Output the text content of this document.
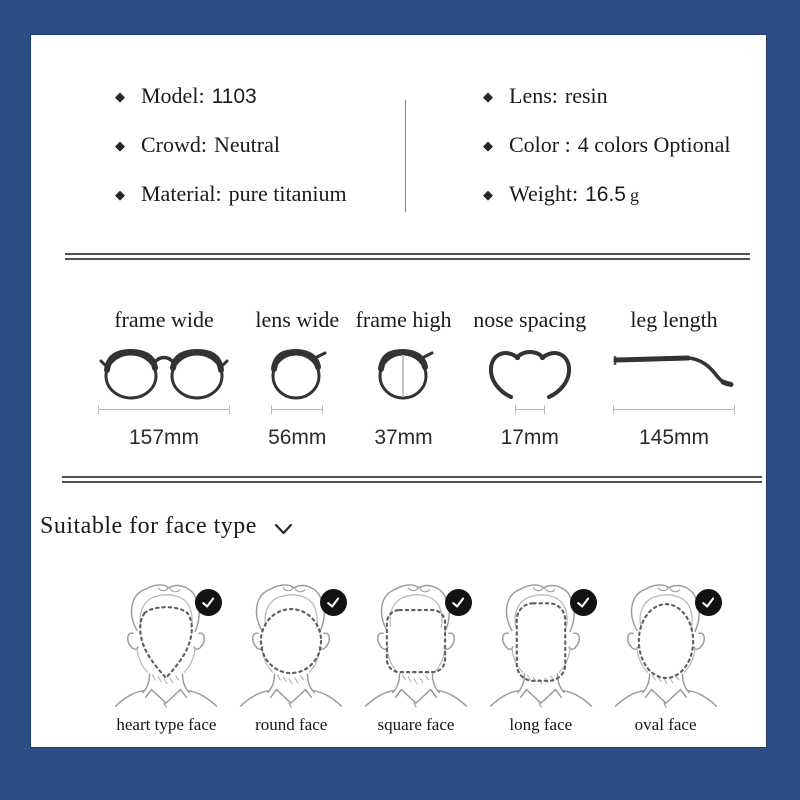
◆ Model: 1103
◆ Crowd: Neutral
◆ Material: pure titanium
◆ Lens: resin
◆ Color : 4 colors Optional
◆ Weight: 16.5 g
frame wide
157mm
lens wide
56mm
frame high
37mm
nose spacing
17mm
leg length
145mm
Suitable for face type
heart type face round face	square face	long face	oval face
